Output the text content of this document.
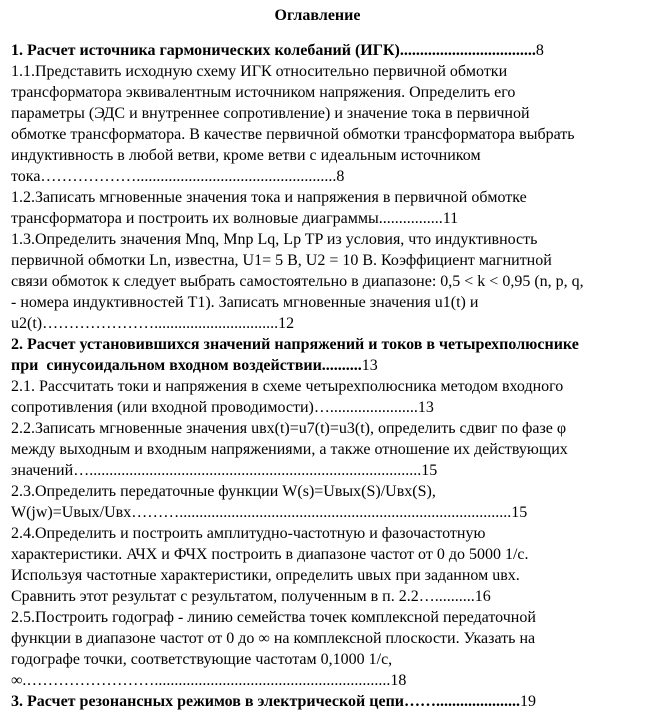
Оглавление

1. Расчет источника гармонических колебаний (ИГК)..................................8

1.1.Представить исходную схему ИГК относительно первичной обмотки трансформатора эквивалентным источником напряжения. Определить его параметры (ЭДС и внутреннее сопротивление) и значение тока в первичной обмотке трансформатора. В качестве первичной обмотки трансформатора выбрать индуктивность в любой ветви, кроме ветви с идеальным источником тока………………..................................................8

1.2.Записать мгновенные значения тока и напряжения в первичной обмотке трансформатора и построить их волновые диаграммы................11

1.3.Определить значения Mnq, Mnp Lq, Lp TP из условия, что индуктивность первичной обмотки Ln, известна, U1= 5 В, U2 = 10 В. Коэффициент магнитной связи обмоток к следует выбрать самостоятельно в диапазоне: 0,5 < k < 0,95 (n, p, q, - номера индуктивностей Т1). Записать мгновенные значения u1(t) и u2(t)…………………...............................12

2. Расчет установившихся значений напряжений и токов в четырехполюснике при  синусоидальном входном воздействии..........13

2.1. Рассчитать токи и напряжения в схеме четырехполюсника методом входного сопротивления (или входной проводимости)…......................13

2.2.Записать мгновенные значения uвх(t)=u7(t)=u3(t), определить сдвиг по фазе φ между выходным и входным напряжениями, а также отношение их действующих значений…...................................................................................15

2.3.Определить передаточные функции W(s)=Uвых(S)/Uвх(S), W(jw)=Uвых/Uвх………...................................................................................15

2.4.Определить и построить амплитудно-частотную и фазочастотную характеристики. АЧХ и ФЧХ построить в диапазоне частот от 0 до 5000 1/с. Используя частотные характеристики, определить uвых при заданном uвх. Сравнить этот результат с результатом, полученным в п. 2.2…..........16

2.5.Построить годограф - линию семейства точек комплексной передаточной функции в диапазоне частот от 0 до ∞ на комплексной плоскости. Указать на годографе точки, соответствующие частотам 0,1000 1/с, ∞.……………………...........................................................18

3. Расчет резонансных режимов в электрической цепи…….....................19
